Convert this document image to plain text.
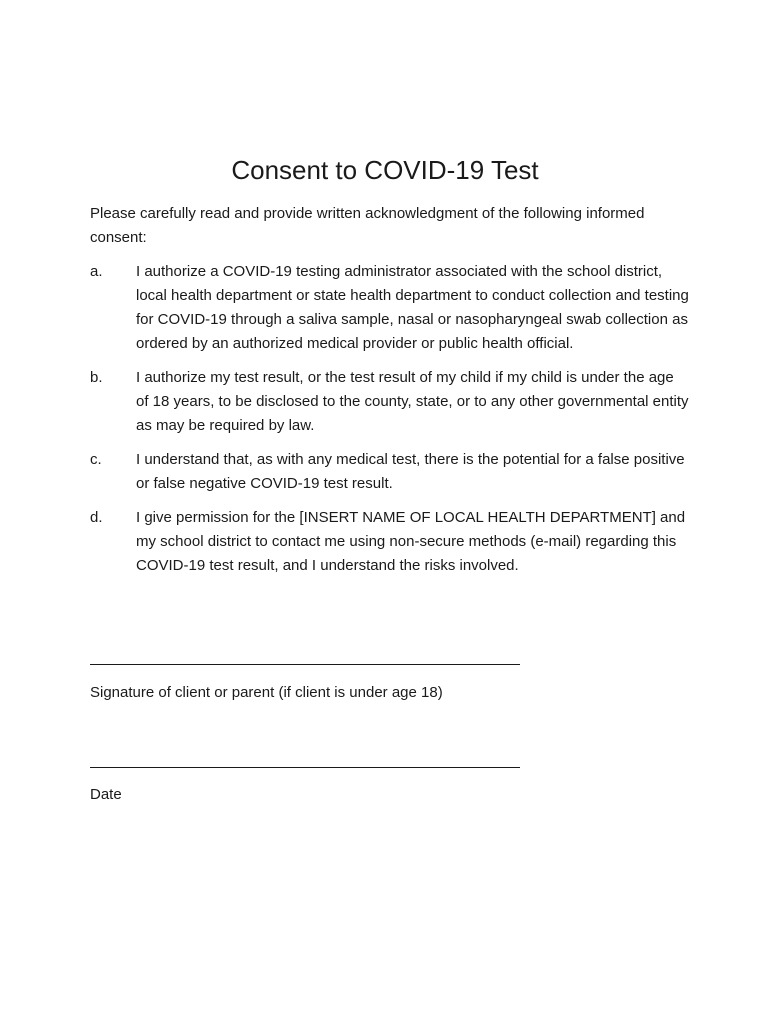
Consent to COVID-19 Test
Please carefully read and provide written acknowledgment of the following informed consent:
a.	I authorize a COVID-19 testing administrator associated with the school district, local health department or state health department to conduct collection and testing for COVID-19 through a saliva sample, nasal or nasopharyngeal swab collection as ordered by an authorized medical provider or public health official.
b.	I authorize my test result, or the test result of my child if my child is under the age of 18 years, to be disclosed to the county, state, or to any other governmental entity as may be required by law.
c.	I understand that, as with any medical test, there is the potential for a false positive or false negative COVID-19 test result.
d.	I give permission for the [INSERT NAME OF LOCAL HEALTH DEPARTMENT] and my school district to contact me using non-secure methods (e-mail) regarding this COVID-19 test result, and I understand the risks involved.
Signature of client or parent (if client is under age 18)
Date
